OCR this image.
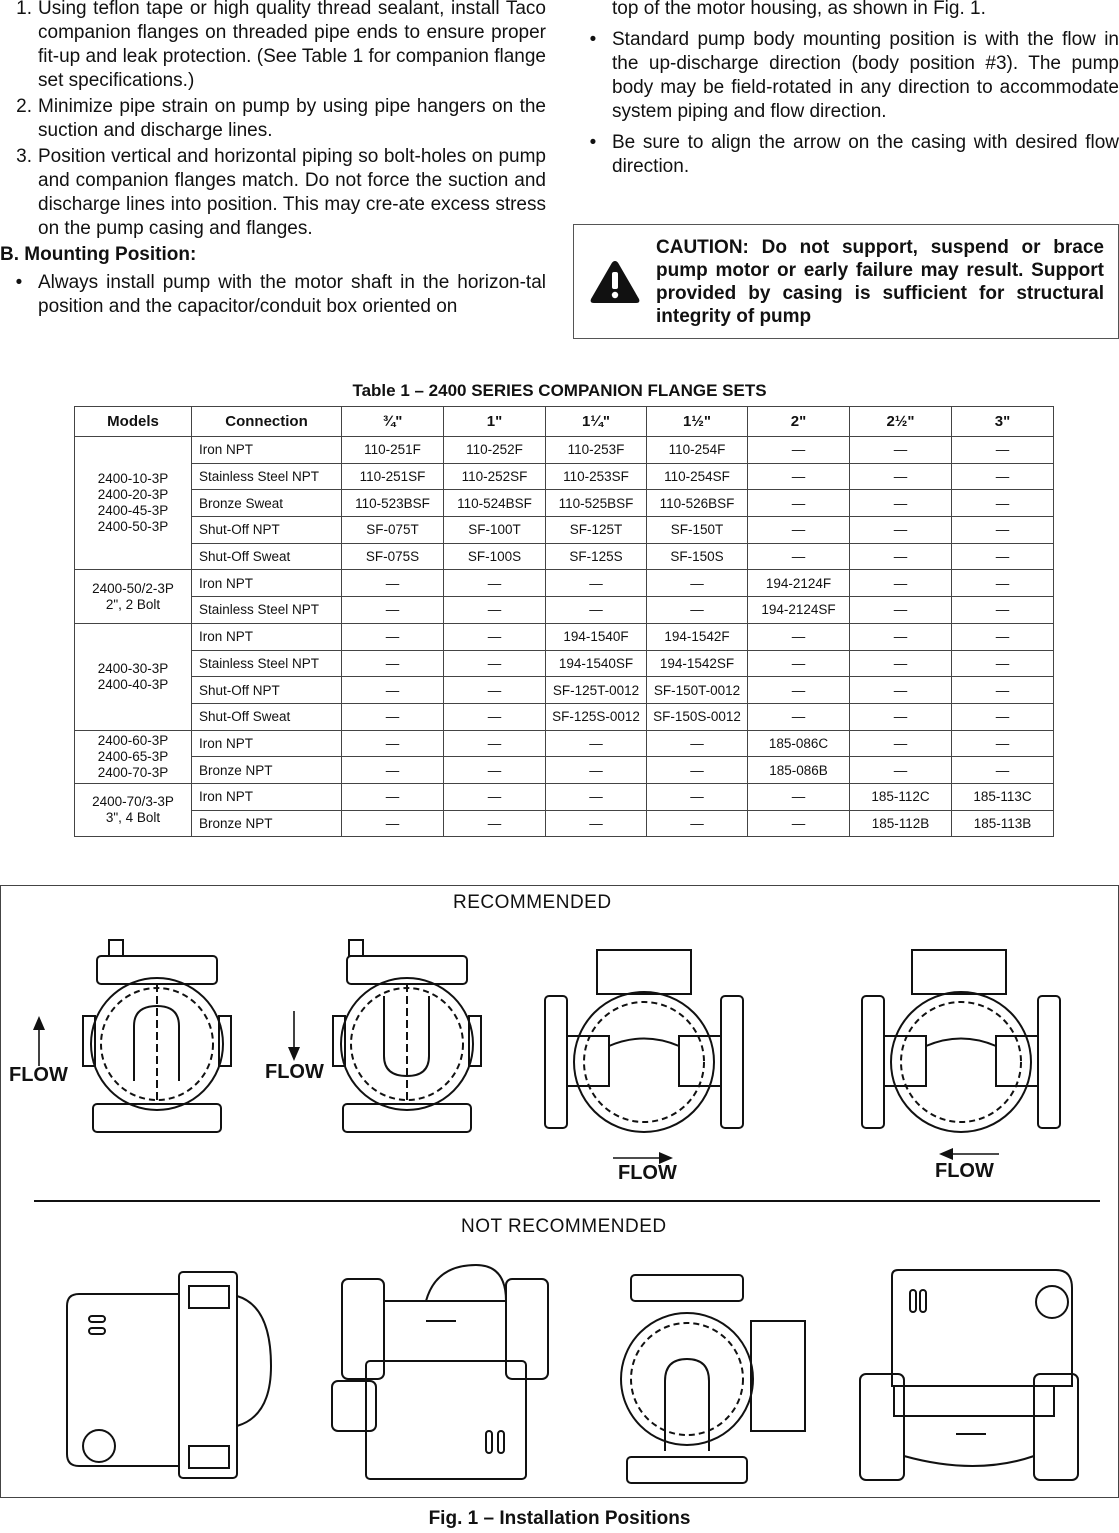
1. Using teflon tape or high quality thread sealant, install Taco companion flanges on threaded pipe ends to ensure proper fit-up and leak protection. (See Table 1 for companion flange set specifications.)
2. Minimize pipe strain on pump by using pipe hangers on the suction and discharge lines.
3. Position vertical and horizontal piping so bolt-holes on pump and companion flanges match. Do not force the suction and discharge lines into position. This may cre-ate excess stress on the pump casing and flanges.
B. Mounting Position:
• Always install pump with the motor shaft in the horizon-tal position and the capacitor/conduit box oriented on
top of the motor housing, as shown in Fig. 1.
• Standard pump body mounting position is with the flow in the up-discharge direction (body position #3). The pump body may be field-rotated in any direction to accommodate system piping and flow direction.
• Be sure to align the arrow on the casing with desired flow direction.
CAUTION: Do not support, suspend or brace pump motor or early failure may result. Support provided by casing is sufficient for structural integrity of pump
Table 1 – 2400 SERIES COMPANION FLANGE SETS
Models	Connection	¾"	1"	1¼"	1½"	2"	2½"	3"
2400-10-3P
2400-20-3P
2400-45-3P
2400-50-3P	Iron NPT	110-251F	110-252F	110-253F	110-254F	—	—	—
	Stainless Steel NPT	110-251SF	110-252SF	110-253SF	110-254SF	—	—	—
	Bronze Sweat	110-523BSF	110-524BSF	110-525BSF	110-526BSF	—	—	—
	Shut-Off NPT	SF-075T	SF-100T	SF-125T	SF-150T	—	—	—
	Shut-Off Sweat	SF-075S	SF-100S	SF-125S	SF-150S	—	—	—
2400-50/2-3P
2", 2 Bolt	Iron NPT	—	—	—	—	194-2124F	—	—
	Stainless Steel NPT	—	—	—	—	194-2124SF	—	—
2400-30-3P
2400-40-3P	Iron NPT	—	—	194-1540F	194-1542F	—	—	—
	Stainless Steel NPT	—	—	194-1540SF	194-1542SF	—	—	—
	Shut-Off NPT	—	—	SF-125T-0012	SF-150T-0012	—	—	—
	Shut-Off Sweat	—	—	SF-125S-0012	SF-150S-0012	—	—	—
2400-60-3P
2400-65-3P
2400-70-3P	Iron NPT	—	—	—	—	185-086C	—	—
	Bronze NPT	—	—	—	—	185-086B	—	—
2400-70/3-3P
3", 4 Bolt	Iron NPT	—	—	—	—	—	185-112C	185-113C
	Bronze NPT	—	—	—	—	—	185-112B	185-113B
RECOMMENDED
FLOW	FLOW
FLOW	FLOW
NOT RECOMMENDED
Fig. 1 – Installation Positions
